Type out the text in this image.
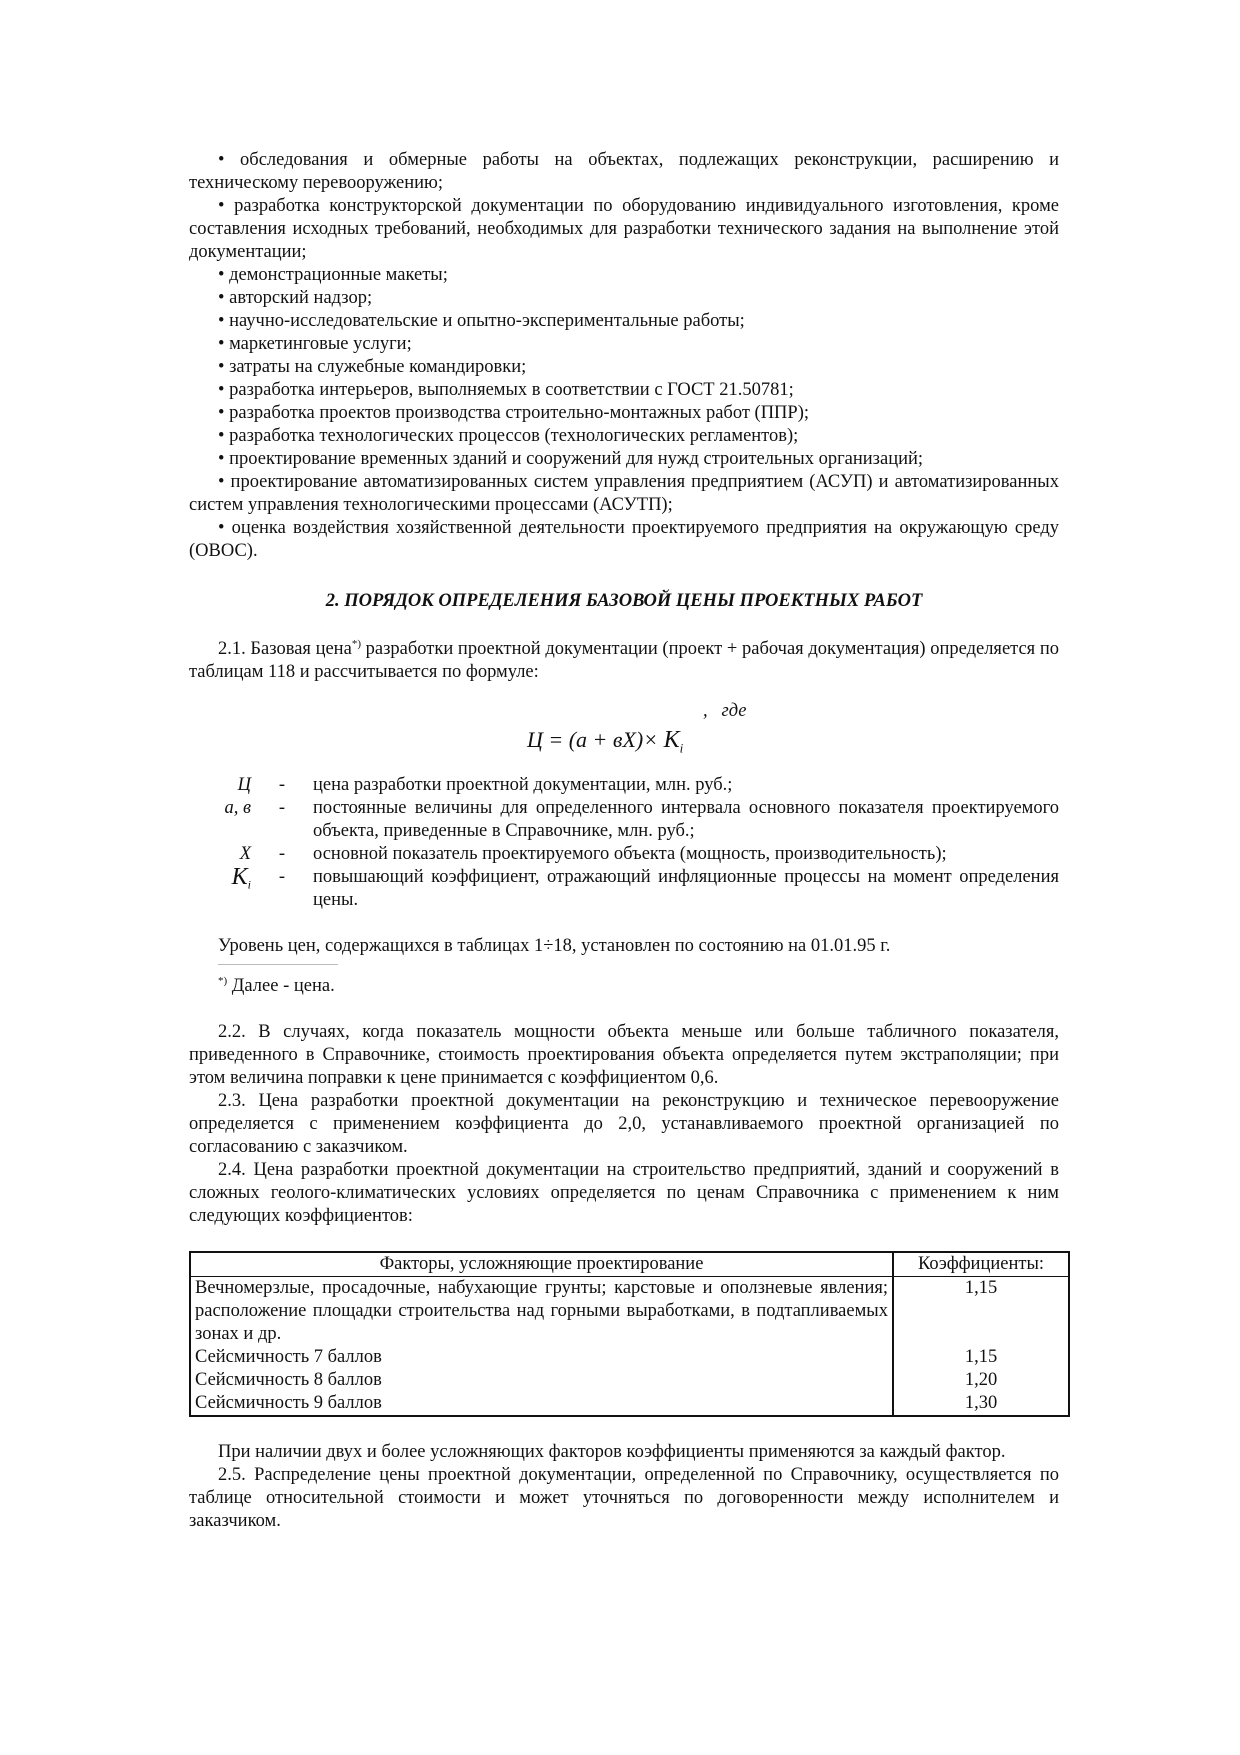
• обследования и обмерные работы на объектах, подлежащих реконструкции, расширению и техническому перевооружению;

• разработка конструкторской документации по оборудованию индивидуального изготовления, кроме составления исходных требований, необходимых для разработки технического задания на выполнение этой документации;

• демонстрационные макеты;

• авторский надзор;

• научно-исследовательские и опытно-экспериментальные работы;

• маркетинговые услуги;

• затраты на служебные командировки;

• разработка интерьеров, выполняемых в соответствии с ГОСТ 21.50781;

• разработка проектов производства строительно-монтажных работ (ППР);

• разработка технологических процессов (технологических регламентов);

• проектирование временных зданий и сооружений для нужд строительных организаций;

• проектирование автоматизированных систем управления предприятием (АСУП) и автоматизированных систем управления технологическими процессами (АСУТП);

• оценка воздействия хозяйственной деятельности проектируемого предприятия на окружающую среду (ОВОС).

2. ПОРЯДОК ОПРЕДЕЛЕНИЯ БАЗОВОЙ ЦЕНЫ ПРОЕКТНЫХ РАБОТ

2.1. Базовая цена*) разработки проектной документации (проект + рабочая документация) определяется по таблицам 118 и рассчитывается по формуле:

, где
$Ц = (а + вХ)\times K_i$
Ц	-	цена разработки проектной документации, млн. руб.;
а, в	-	постоянные величины для определенного интервала основного показателя проектируемого объекта, приведенные в Справочнике, млн. руб.;
Х	-	основной показатель проектируемого объекта (мощность, производительность);
$K_i$	-	повышающий коэффициент, отражающий инфляционные процессы на момент определения цены.

Уровень цен, содержащихся в таблицах 1÷18, установлен по состоянию на 01.01.95 г.

*) Далее - цена.

2.2. В случаях, когда показатель мощности объекта меньше или больше табличного показателя, приведенного в Справочнике, стоимость проектирования объекта определяется путем экстраполяции; при этом величина поправки к цене принимается с коэффициентом 0,6.

2.3. Цена разработки проектной документации на реконструкцию и техническое перевооружение определяется с применением коэффициента до 2,0, устанавливаемого проектной организацией по согласованию с заказчиком.

2.4. Цена разработки проектной документации на строительство предприятий, зданий и сооружений в сложных геолого-климатических условиях определяется по ценам Справочника с применением к ним следующих коэффициентов:

Факторы, усложняющие проектирование	Коэффициенты:
Вечномерзлые, просадочные, набухающие грунты; карстовые и оползневые явления; расположение площадки строительства над горными выработками, в подтапливаемых зонах и др.	1,15
Сейсмичность 7 баллов	1,15
Сейсмичность 8 баллов	1,20
Сейсмичность 9 баллов	1,30

При наличии двух и более усложняющих факторов коэффициенты применяются за каждый фактор.

2.5. Распределение цены проектной документации, определенной по Справочнику, осуществляется по таблице относительной стоимости и может уточняться по договоренности между исполнителем и заказчиком.
